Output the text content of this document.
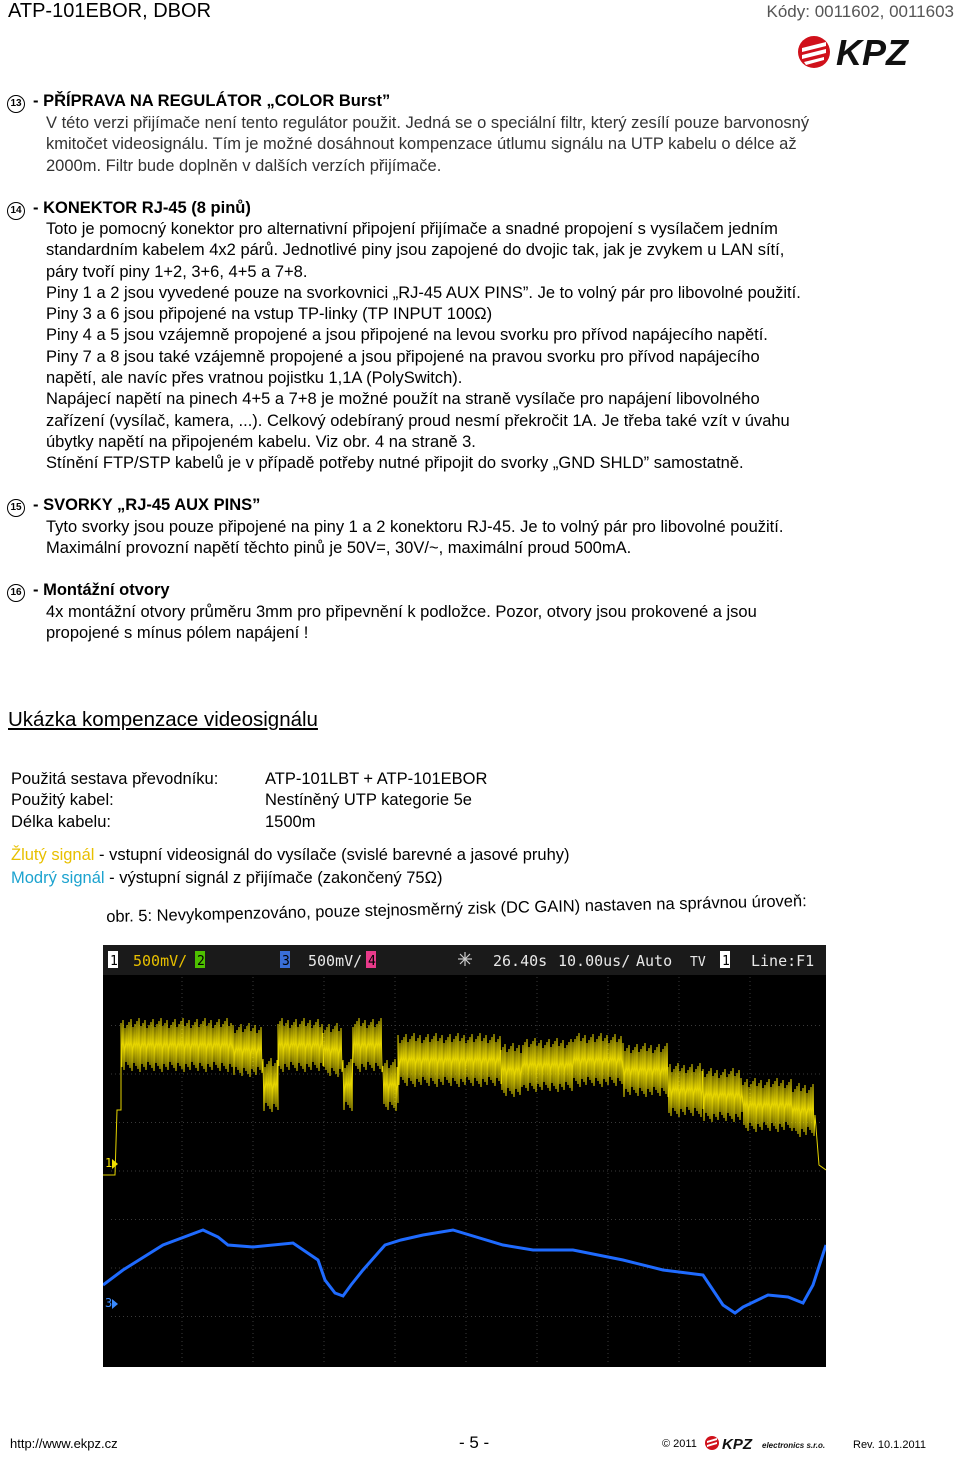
ATP-101EBOR, DBOR	Kódy: 0011602, 0011603
KPZ
13 - PŘÍPRAVA NA REGULÁTOR „COLOR Burst”

V této verzi přijímače není tento regulátor použit. Jedná se o speciální filtr, který zesílí pouze barvonosný

kmitočet videosignálu. Tím je možné dosáhnout kompenzace útlumu signálu na UTP kabelu o délce až

2000m. Filtr bude doplněn v dalších verzích přijímače.

14 - KONEKTOR RJ-45 (8 pinů)

Toto je pomocný konektor pro alternativní připojení přijímače a snadné propojení s vysílačem jedním

standardním kabelem 4x2 párů. Jednotlivé piny jsou zapojené do dvojic tak, jak je zvykem u LAN sítí,

páry tvoří piny 1+2, 3+6, 4+5 a 7+8.

Piny 1 a 2 jsou vyvedené pouze na svorkovnici „RJ-45 AUX PINS”. Je to volný pár pro libovolné použití.

Piny 3 a 6 jsou připojené na vstup TP-linky (TP INPUT 100Ω)

Piny 4 a 5 jsou vzájemně propojené a jsou připojené na levou svorku pro přívod napájecího napětí.

Piny 7 a 8 jsou také vzájemně propojené a jsou připojené na pravou svorku pro přívod napájecího

napětí, ale navíc přes vratnou pojistku 1,1A (PolySwitch).

Napájecí napětí na pinech 4+5 a 7+8 je možné použít na straně vysílače pro napájení libovolného

zařízení (vysílač, kamera, ...). Celkový odebíraný proud nesmí překročit 1A. Je třeba také vzít v úvahu

úbytky napětí na připojeném kabelu. Viz obr. 4 na straně 3.

Stínění FTP/STP kabelů je v případě potřeby nutné připojit do svorky „GND SHLD” samostatně.

15 - SVORKY „RJ-45 AUX PINS”

Tyto svorky jsou pouze připojené na piny 1 a 2 konektoru RJ-45. Je to volný pár pro libovolné použití.

Maximální provozní napětí těchto pinů je 50V=, 30V/~, maximální proud 500mA.

16 - Montážní otvory

4x montážní otvory průměru 3mm pro připevnění k podložce. Pozor, otvory jsou prokovené a jsou

propojené s mínus pólem napájení !

Ukázka kompenzace videosignálu
Použitá sestava převodníku:	ATP-101LBT + ATP-101EBOR
Použitý kabel:	Nestíněný UTP kategorie 5e
Délka kabelu:	1500m
Žlutý signál - vstupní videosignál do vysílače (svislé barevné a jasové pruhy)
Modrý signál - výstupní signál z přijímače (zakončený 75Ω)
obr. 5: Nevykompenzováno, pouze stejnosměrný zisk (DC GAIN) nastaven na správnou úroveň:
1 500mV/ 2	3 500mV/ 4	26.40s 10.00us/ Auto TV 1 Line:F1
1
3
http://www.ekpz.cz	- 5 -	© 2011 KPZ electronics s.r.o.	Rev. 10.1.2011
